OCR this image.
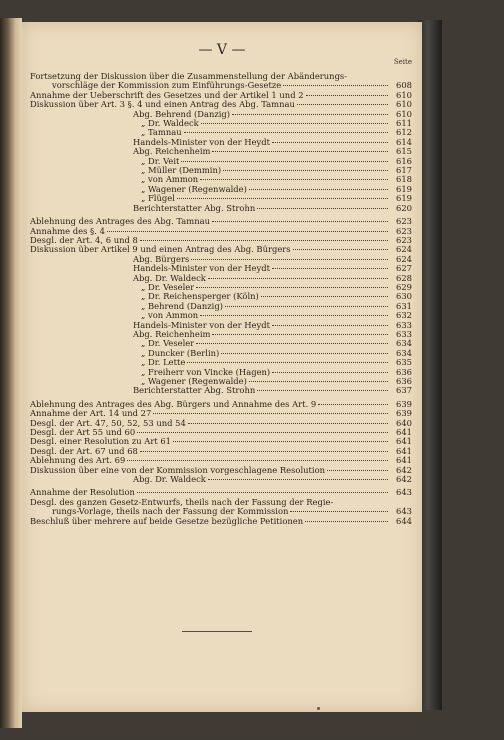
— V —
Seite
Fortsetzung der Diskussion über die Zusammenstellung der Abänderungs-
vorschläge der Kommission zum Einführungs-Gesetze	608
Annahme der Ueberschrift des Gesetzes und der Artikel 1 und 2	610
Diskussion über Art. 3 §. 4 und einen Antrag des Abg. Tamnau	610
Abg. Behrend (Danzig)	610
„ Dr. Waldeck	611
„ Tamnau	612
Handels-Minister von der Heydt	614
Abg. Reichenheim	615
„ Dr. Veit	616
„ Müller (Demmin)	617
„ von Ammon	618
„ Wagener (Regenwalde)	619
„ Flügel	619
Berichterstatter Abg. Strohn	620
Ablehnung des Antrages des Abg. Tamnau	623
Annahme des §. 4	623
Desgl. der Art. 4, 6 und 8	623
Diskussion über Artikel 9 und einen Antrag des Abg. Bürgers	624
Abg. Bürgers	624
Handels-Minister von der Heydt	627
Abg. Dr. Waldeck	628
„ Dr. Veseler	629
„ Dr. Reichensperger (Köln)	630
„ Behrend (Danzig)	631
„ von Ammon	632
Handels-Minister von der Heydt	633
Abg. Reichenheim	633
„ Dr. Veseler	634
„ Duncker (Berlin)	634
„ Dr. Lette	635
„ Freiherr von Vincke (Hagen)	636
„ Wagener (Regenwalde)	636
Berichterstatter Abg. Strohn	637
Ablehnung des Antrages des Abg. Bürgers und Annahme des Art. 9	639
Annahme der Art. 14 und 27	639
Desgl. der Art. 47, 50, 52, 53 und 54	640
Desgl. der Art 55 und 60	641
Desgl. einer Resolution zu Art 61	641
Desgl. der Art. 67 und 68	641
Ablehnung des Art. 69	641
Diskussion über eine von der Kommission vorgeschlagene Resolution	642
Abg. Dr. Waldeck	642
Annahme der Resolution	643
Desgl. des ganzen Gesetz-Entwurfs, theils nach der Fassung der Regie-
rungs-Vorlage, theils nach der Fassung der Kommission	643
Beschluß über mehrere auf beide Gesetze bezügliche Petitionen	644
